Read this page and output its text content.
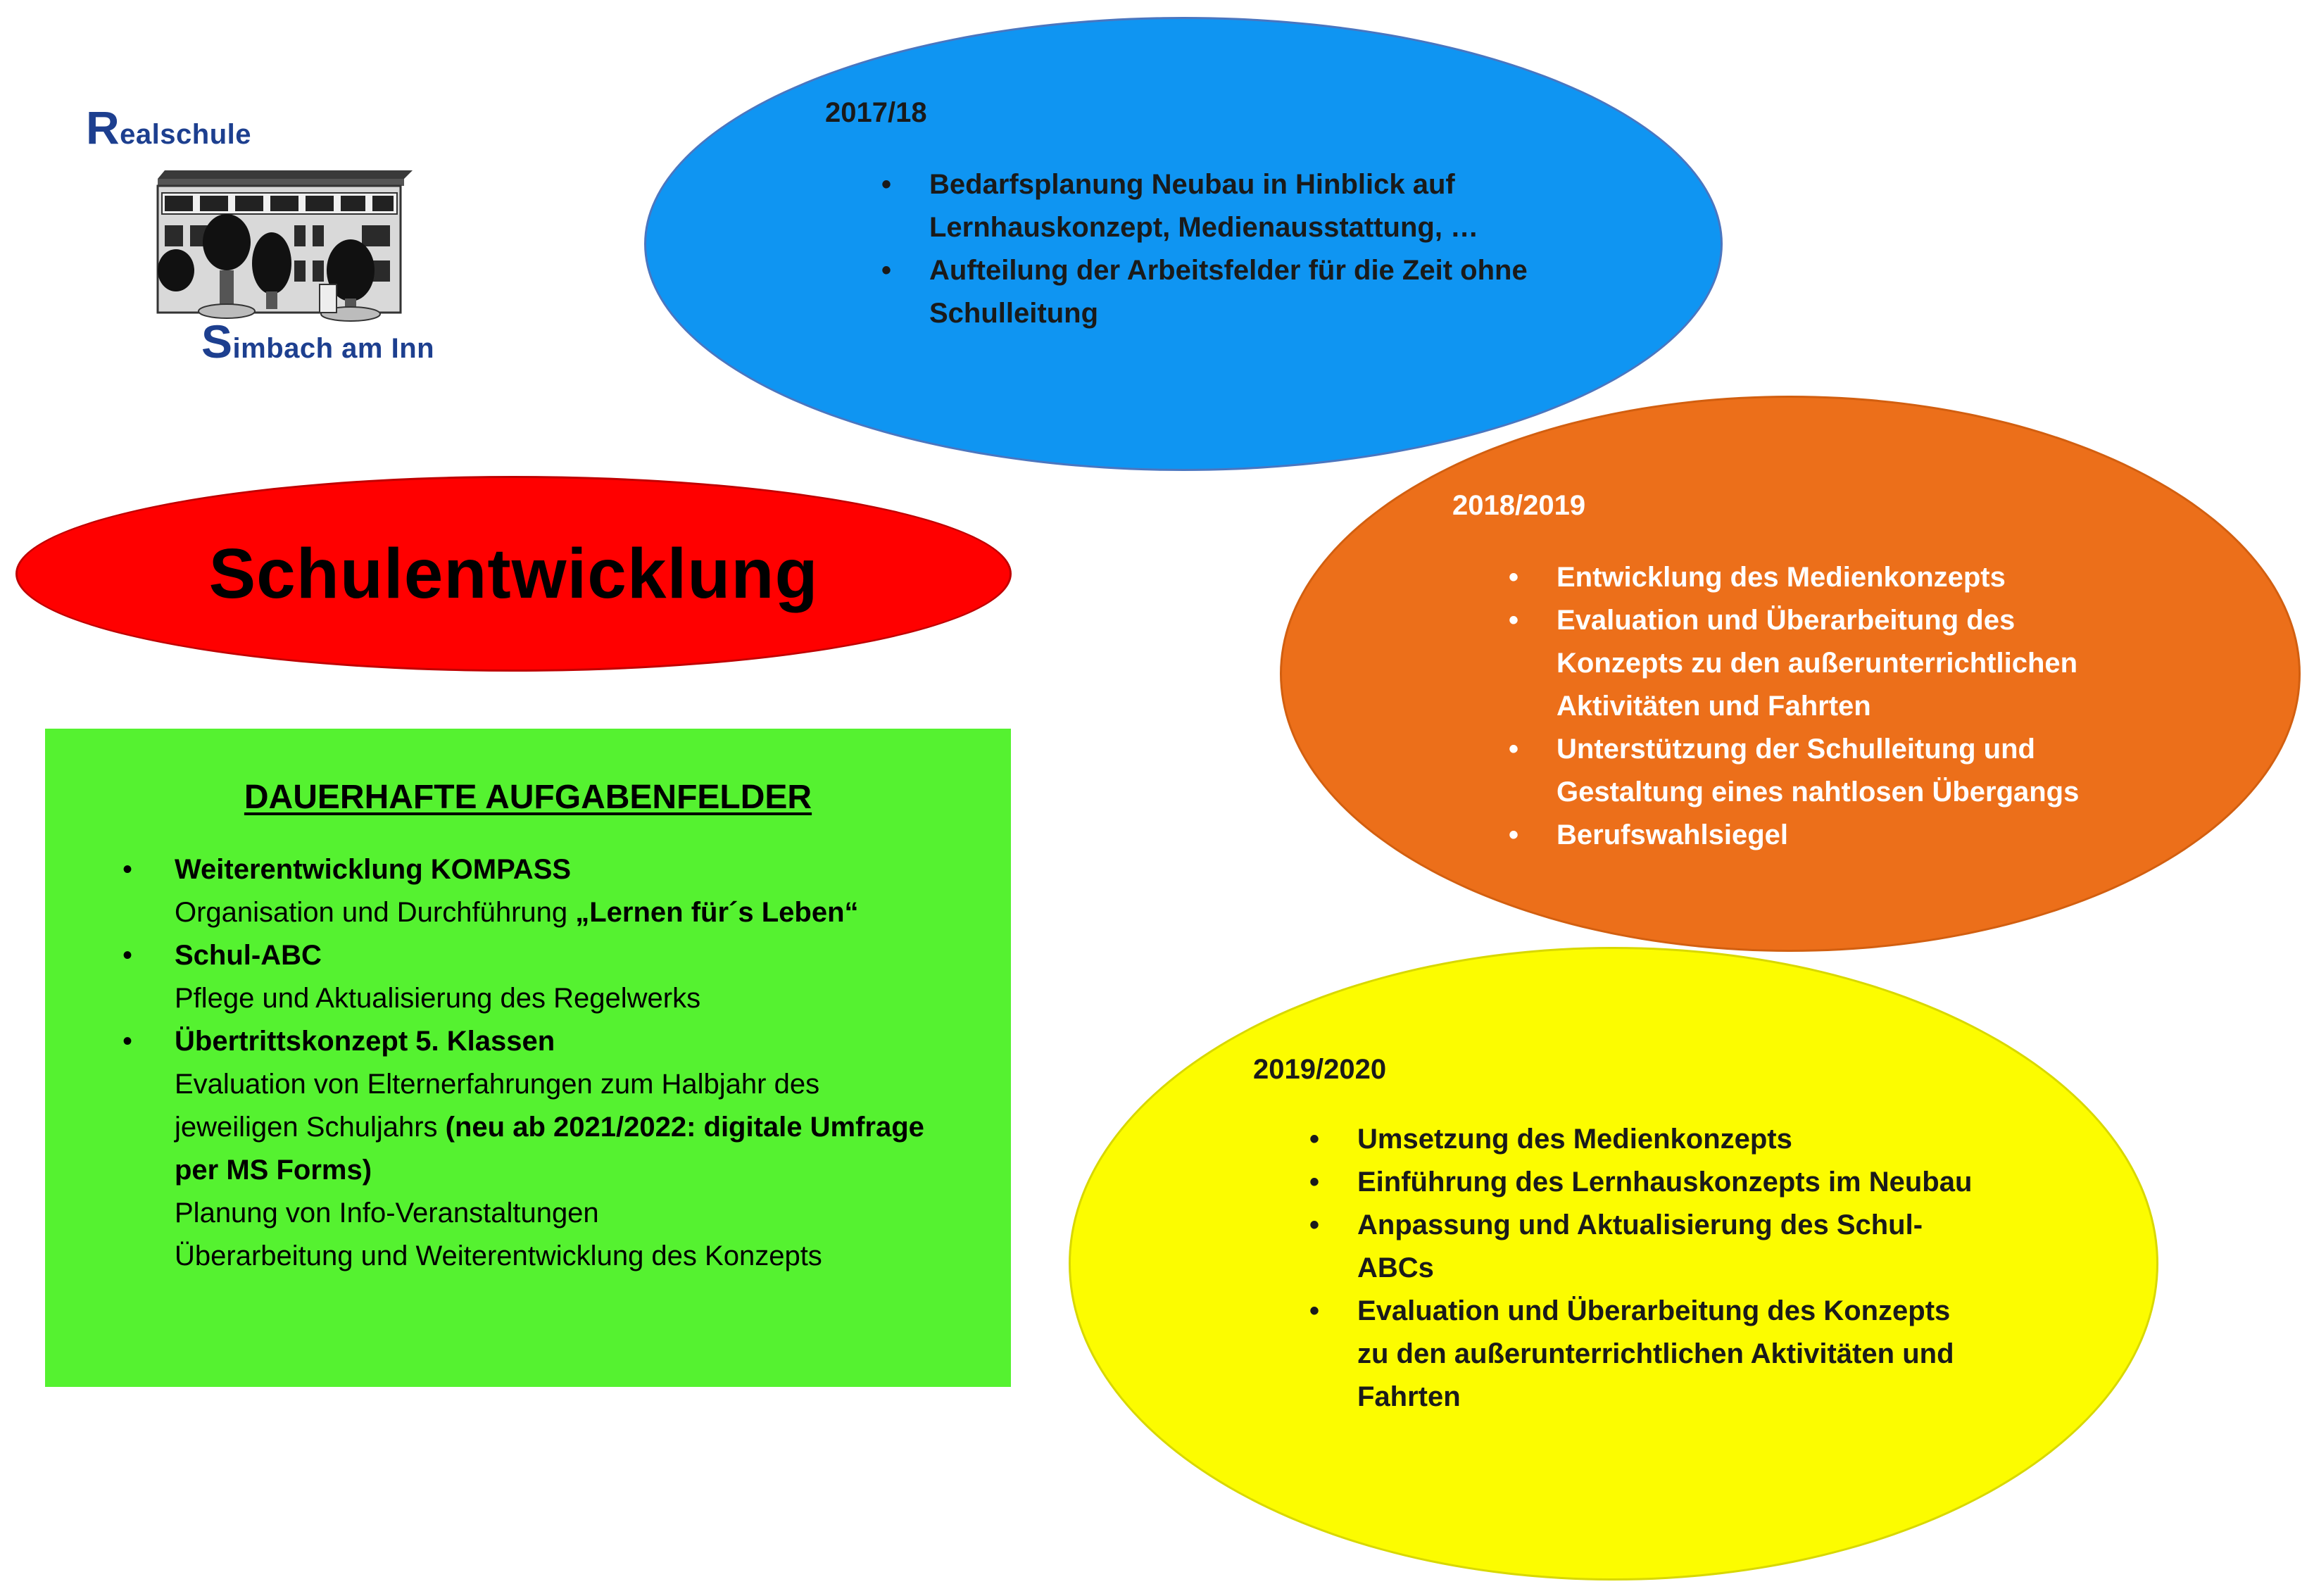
Realschule
Simbach am Inn
2017/18
• Bedarfsplanung Neubau in Hinblick auf
Lernhauskonzept, Medienausstattung, …
• Aufteilung der Arbeitsfelder für die Zeit ohne
Schulleitung
2018/2019
• Entwicklung des Medienkonzepts
• Evaluation und Überarbeitung des
Konzepts zu den außerunterrichtlichen
Aktivitäten und Fahrten
• Unterstützung der Schulleitung und
Gestaltung eines nahtlosen Übergangs
• Berufswahlsiegel
2019/2020
• Umsetzung des Medienkonzepts
• Einführung des Lernhauskonzepts im Neubau
• Anpassung und Aktualisierung des Schul-
ABCs
• Evaluation und Überarbeitung des Konzepts
zu den außerunterrichtlichen Aktivitäten und
Fahrten
Schulentwicklung
DAUERHAFTE AUFGABENFELDER
• Weiterentwicklung KOMPASS
Organisation und Durchführung „Lernen für´s Leben“
• Schul-ABC
Pflege und Aktualisierung des Regelwerks
• Übertrittskonzept 5. Klassen
Evaluation von Elternerfahrungen zum Halbjahr des
jeweiligen Schuljahrs (neu ab 2021/2022: digitale Umfrage
per MS Forms)
Planung von Info-Veranstaltungen
Überarbeitung und Weiterentwicklung des Konzepts
